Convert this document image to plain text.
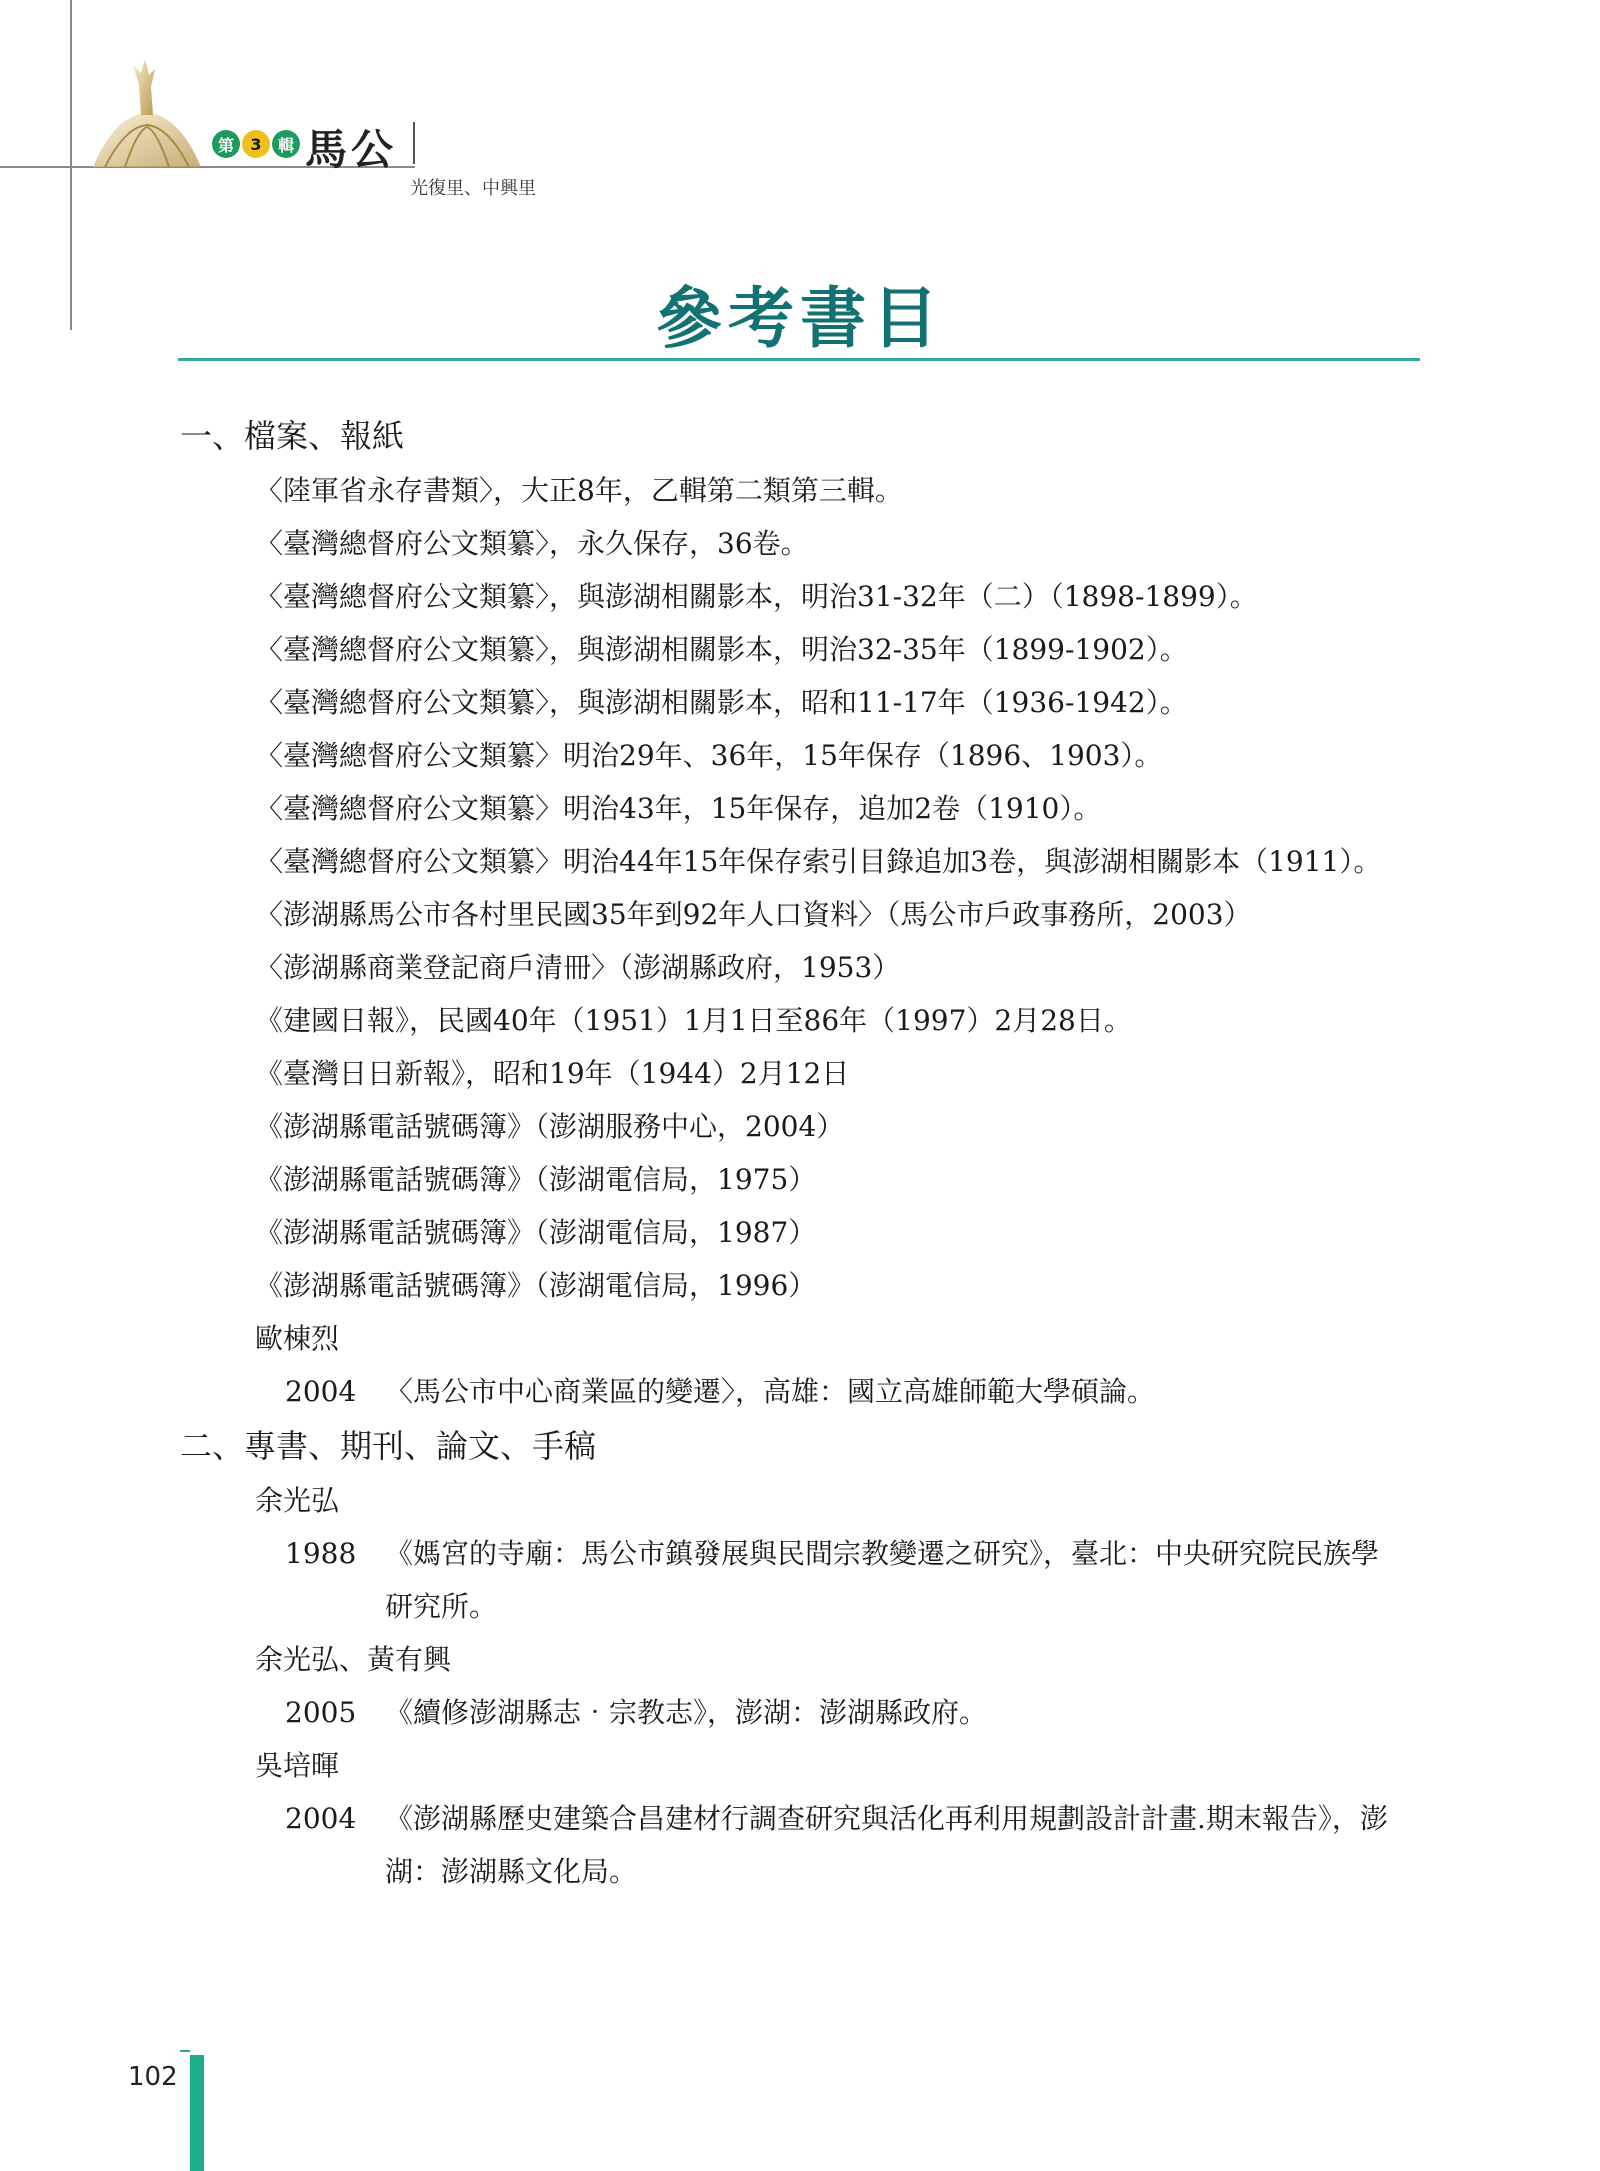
第	3	輯 馬公
光復里、中興里
參考書目
一、檔案、報紙
〈陸軍省永存書類〉，大正8年，乙輯第二類第三輯。
〈臺灣總督府公文類纂〉，永久保存，36卷。
〈臺灣總督府公文類纂〉，與澎湖相關影本，明治31-32年（二）（1898-1899）。
〈臺灣總督府公文類纂〉，與澎湖相關影本，明治32-35年（1899-1902）。
〈臺灣總督府公文類纂〉，與澎湖相關影本，昭和11-17年（1936-1942）。
〈臺灣總督府公文類纂〉明治29年、36年，15年保存（1896、1903）。
〈臺灣總督府公文類纂〉明治43年，15年保存，追加2卷（1910）。
〈臺灣總督府公文類纂〉明治44年15年保存索引目錄追加3卷，與澎湖相關影本（1911）。
〈澎湖縣馬公市各村里民國35年到92年人口資料〉（馬公市戶政事務所，2003）
〈澎湖縣商業登記商戶清冊〉（澎湖縣政府，1953）
《建國日報》，民國40年（1951）1月1日至86年（1997）2月28日。
《臺灣日日新報》，昭和19年（1944）2月12日
《澎湖縣電話號碼簿》（澎湖服務中心，2004）
《澎湖縣電話號碼簿》（澎湖電信局，1975）
《澎湖縣電話號碼簿》（澎湖電信局，1987）
《澎湖縣電話號碼簿》（澎湖電信局，1996）
歐棟烈
2004	〈馬公市中心商業區的變遷〉，高雄：國立高雄師範大學碩論。
二、專書、期刊、論文、手稿
余光弘
1988	《媽宮的寺廟：馬公市鎮發展與民間宗教變遷之研究》，臺北：中央研究院民族學研究所。
余光弘、黃有興
2005	《續修澎湖縣志‧宗教志》，澎湖：澎湖縣政府。
吳培暉
2004	《澎湖縣歷史建築合昌建材行調查研究與活化再利用規劃設計計畫.期末報告》，澎湖：澎湖縣文化局。
102
